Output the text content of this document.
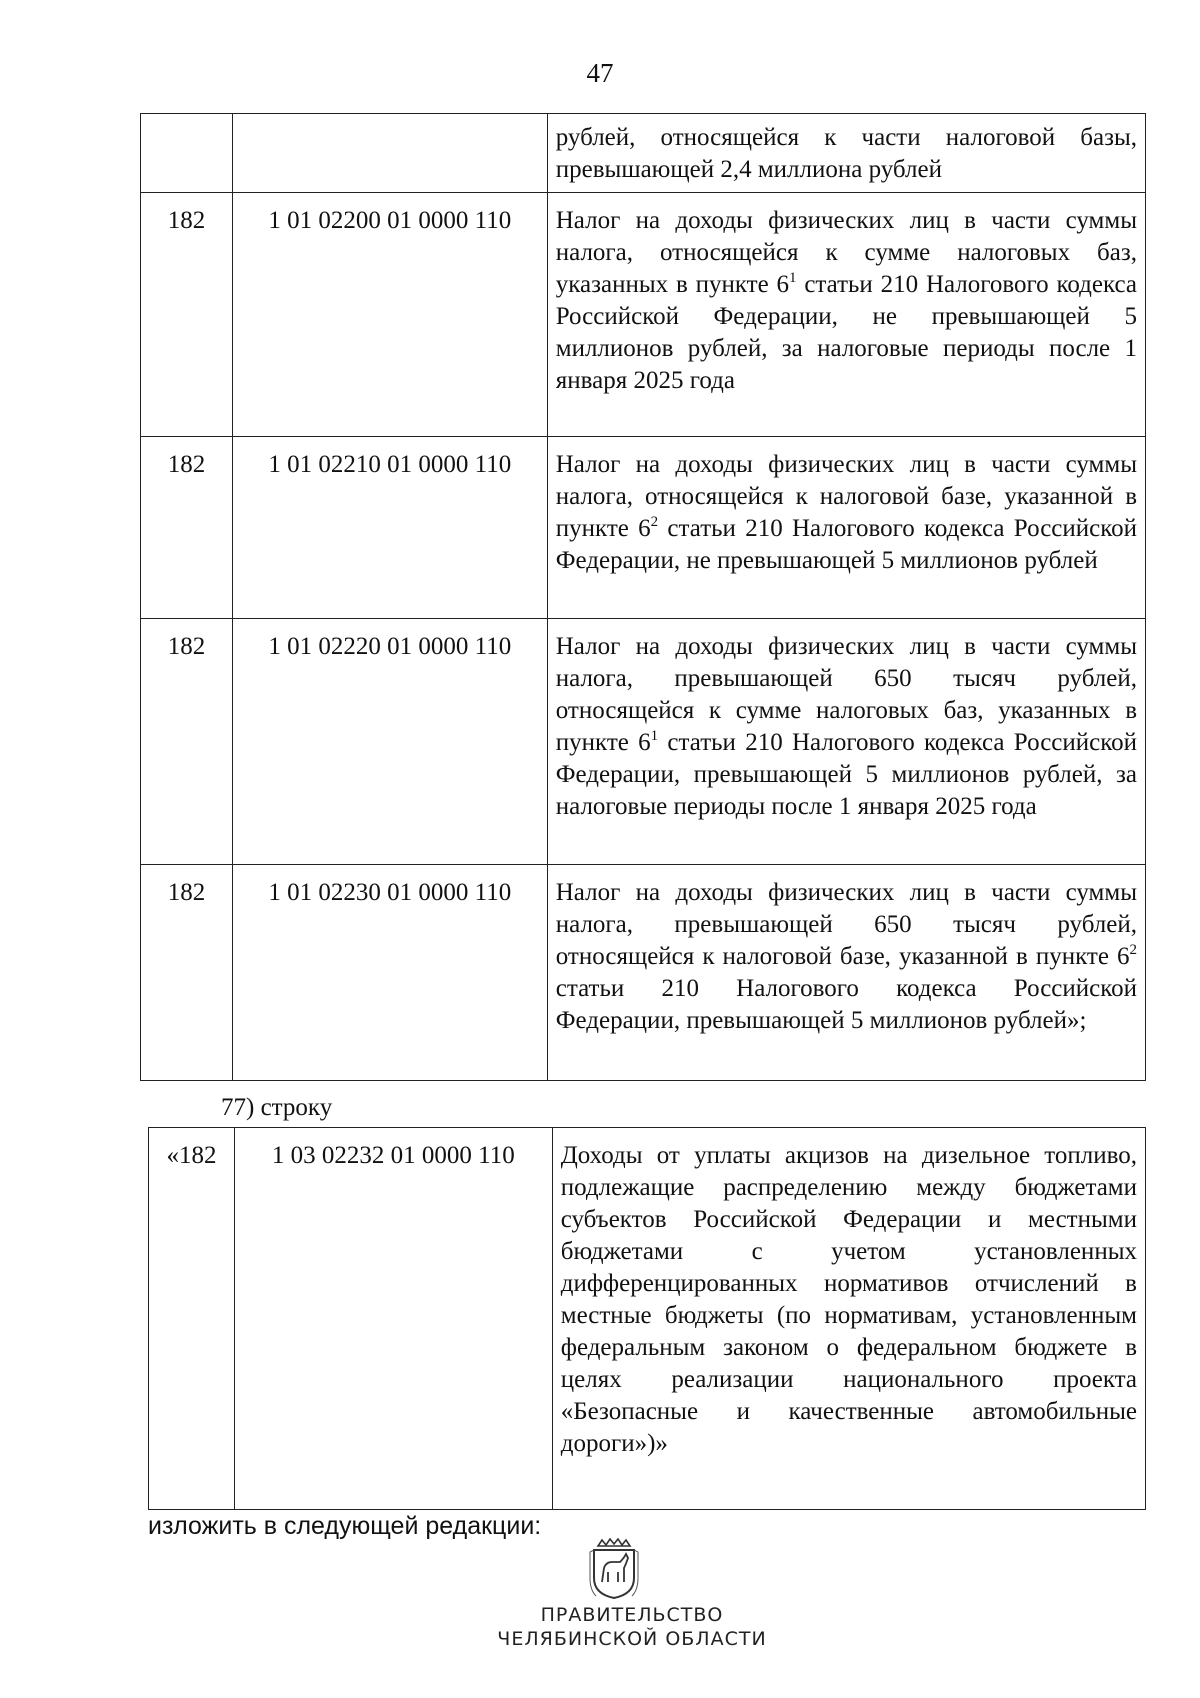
47
		рублей, относящейся к части налоговой базы, превышающей 2,4 миллиона рублей
182	1 01 02200 01 0000 110	Налог на доходы физических лиц в части суммы налога, относящейся к сумме налоговых баз, указанных в пункте $6^1$ статьи 210 Налогового кодекса Российской Федерации, не превышающей 5 миллионов рублей, за налоговые периоды после 1 января 2025 года
182	1 01 02210 01 0000 110	Налог на доходы физических лиц в части суммы налога, относящейся к налоговой базе, указанной в пункте $6^2$ статьи 210 Налогового кодекса Российской Федерации, не превышающей 5 миллионов рублей
182	1 01 02220 01 0000 110	Налог на доходы физических лиц в части суммы налога, превышающей 650 тысяч рублей, относящейся к сумме налоговых баз, указанных в пункте $6^1$ статьи 210 Налогового кодекса Российской Федерации, превышающей 5 миллионов рублей, за налоговые периоды после 1 января 2025 года
182	1 01 02230 01 0000 110	Налог на доходы физических лиц в части суммы налога, превышающей 650 тысяч рублей, относящейся к налоговой базе, указанной в пункте $6^2$ статьи 210 Налогового кодекса Российской Федерации, превышающей 5 миллионов рублей»;
77) строку
«182	1 03 02232 01 0000 110	Доходы от уплаты акцизов на дизельное топливо, подлежащие распределению между бюджетами субъектов Российской Федерации и местными бюджетами с учетом установленных дифференцированных нормативов отчислений в местные бюджеты (по нормативам, установленным федеральным законом о федеральном бюджете в целях реализации национального проекта «Безопасные и качественные автомобильные дороги»)»
изложить в следующей редакции:
ПРАВИТЕЛЬСТВО
ЧЕЛЯБИНСКОЙ ОБЛАСТИ
